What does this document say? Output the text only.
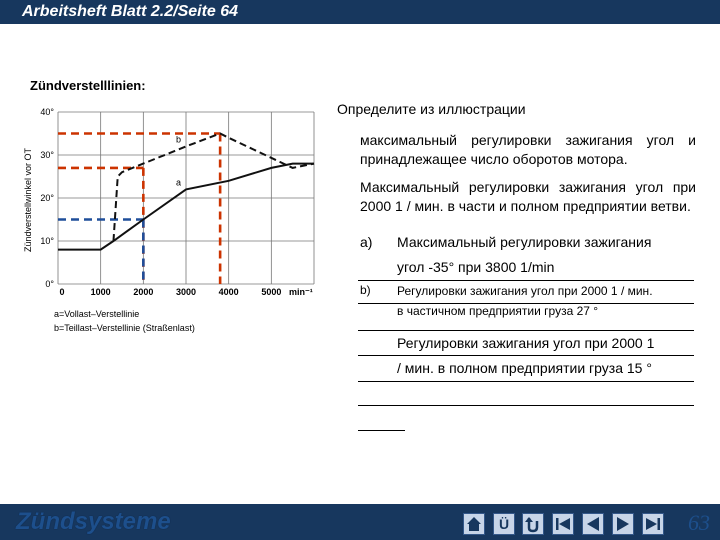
Arbeitsheft Blatt 2.2/Seite 64
Zündverstelllinien:
Zündverstellwinkel vor OT
0°
10°
20°
30°
40°
0	1000	2000	3000	4000	5000
a
b
min⁻¹
a=Vollast–Verstellinie
b=Teillast–Verstellinie (Straßenlast)
Определите из иллюстрации
максимальный регулировки зажигания угол и принадлежащее число оборотов мотора.
Максимальный регулировки зажигания угол при 2000 1 / мин. в части и полном предприятии ветви.
a) Максимальный регулировки зажигания
угол -35° при 3800 1/min
b) Регулировки зажигания угол при 2000 1 / мин.
в частичном предприятии груза 27 °
Регулировки зажигания угол при 2000 1
/ мин. в полном предприятии груза 15 °
Zündsysteme	Ü	63
